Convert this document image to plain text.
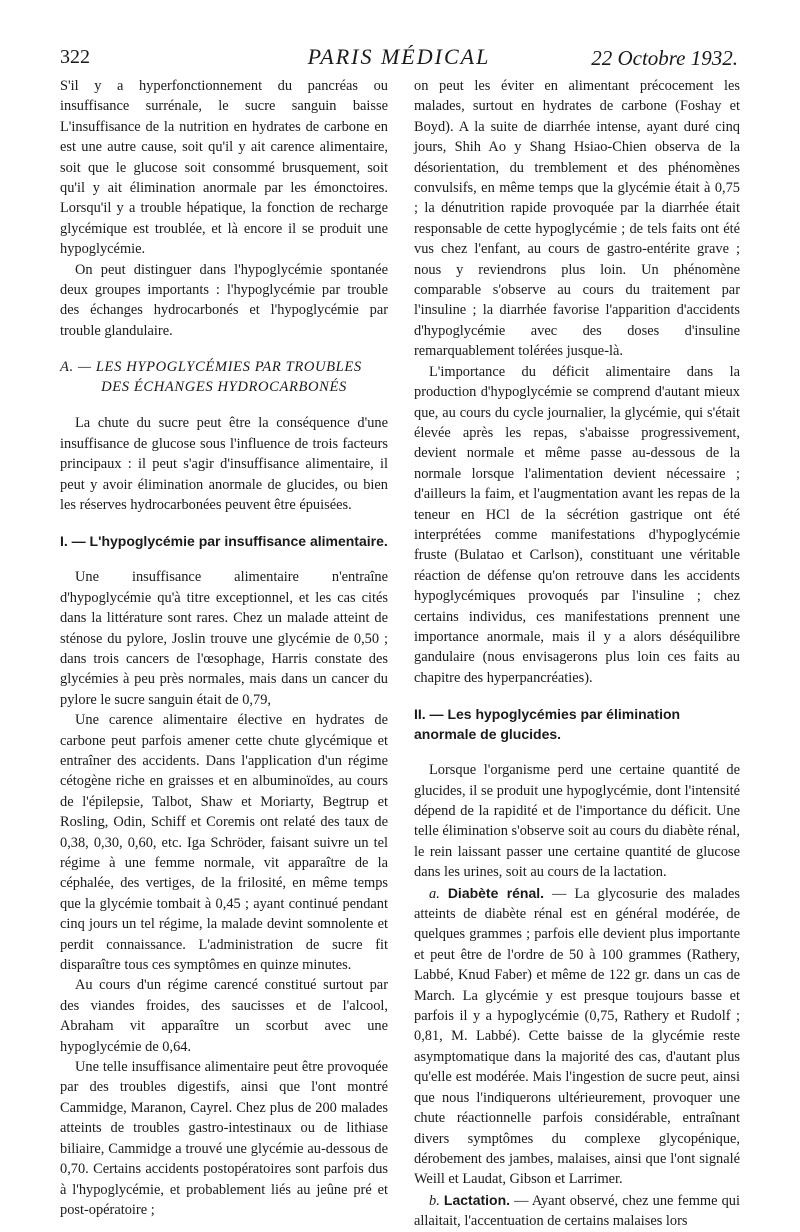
322	PARIS MÉDICAL	22 Octobre 1932.

S'il y a hyperfonctionnement du pancréas ou insuffisance surrénale, le sucre sanguin baisse L'insuffisance de la nutrition en hydrates de carbone en est une autre cause, soit qu'il y ait carence alimentaire, soit que le glucose soit consommé brusquement, soit qu'il y ait élimination anormale par les émonctoires. Lorsqu'il y a trouble hépatique, la fonction de recharge glycémique est troublée, et là encore il se produit une hypoglycémie.

On peut distinguer dans l'hypoglycémie spontanée deux groupes importants : l'hypoglycémie par trouble des échanges hydrocarbonés et l'hypoglycémie par trouble glandulaire.

A. — LES HYPOGLYCÉMIES PAR TROUBLES
DES ÉCHANGES HYDROCARBONÉS

La chute du sucre peut être la conséquence d'une insuffisance de glucose sous l'influence de trois facteurs principaux : il peut s'agir d'insuffisance alimentaire, il peut y avoir élimination anormale de glucides, ou bien les réserves hydrocarbonées peuvent être épuisées.

I. — L'hypoglycémie par insuffisance alimentaire.

Une insuffisance alimentaire n'entraîne d'hypoglycémie qu'à titre exceptionnel, et les cas cités dans la littérature sont rares. Chez un malade atteint de sténose du pylore, Joslin trouve une glycémie de 0,50 ; dans trois cancers de l'œsophage, Harris constate des glycémies à peu près normales, mais dans un cancer du pylore le sucre sanguin était de 0,79,

Une carence alimentaire élective en hydrates de carbone peut parfois amener cette chute glycémique et entraîner des accidents. Dans l'application d'un régime cétogène riche en graisses et en albuminoïdes, au cours de l'épilepsie, Talbot, Shaw et Moriarty, Begtrup et Rosling, Odin, Schiff et Coremis ont relaté des taux de 0,38, 0,30, 0,60, etc. Iga Schröder, faisant suivre un tel régime à une femme normale, vit apparaître de la céphalée, des vertiges, de la frilosité, en même temps que la glycémie tombait à 0,45 ; ayant continué pendant cinq jours un tel régime, la malade devint somnolente et perdit connaissance. L'administration de sucre fit disparaître tous ces symptômes en quinze minutes.

Au cours d'un régime carencé constitué surtout par des viandes froides, des saucisses et de l'alcool, Abraham vit apparaître un scorbut avec une hypoglycémie de 0,64.

Une telle insuffisance alimentaire peut être provoquée par des troubles digestifs, ainsi que l'ont montré Cammidge, Maranon, Cayrel. Chez plus de 200 malades atteints de troubles gastro-intestinaux ou de lithiase biliaire, Cammidge a trouvé une glycémie au-dessous de 0,70. Certains accidents postopératoires sont parfois dus à l'hypoglycémie, et probablement liés au jeûne pré et post-opératoire ;

on peut les éviter en alimentant précocement les malades, surtout en hydrates de carbone (Foshay et Boyd). A la suite de diarrhée intense, ayant duré cinq jours, Shih Ao y Shang Hsiao-Chien observa de la désorientation, du tremblement et des phénomènes convulsifs, en même temps que la glycémie était à 0,75 ; la dénutrition rapide provoquée par la diarrhée était responsable de cette hypoglycémie ; de tels faits ont été vus chez l'enfant, au cours de gastro-entérite grave ; nous y reviendrons plus loin. Un phénomène comparable s'observe au cours du traitement par l'insuline ; la diarrhée favorise l'apparition d'accidents d'hypoglycémie avec des doses d'insuline remarquablement tolérées jusque-là.

L'importance du déficit alimentaire dans la production d'hypoglycémie se comprend d'autant mieux que, au cours du cycle journalier, la glycémie, qui s'était élevée après les repas, s'abaisse progressivement, devient normale et même passe au-dessous de la normale lorsque l'alimentation devient nécessaire ; d'ailleurs la faim, et l'augmentation avant les repas de la teneur en HCl de la sécrétion gastrique ont été interprétées comme manifestations d'hypoglycémie fruste (Bulatao et Carlson), constituant une véritable réaction de défense qu'on retrouve dans les accidents hypoglycémiques provoqués par l'insuline ; chez certains individus, ces manifestations prennent une importance anormale, mais il y a alors déséquilibre gandulaire (nous envisagerons plus loin ces faits au chapitre des hyperpancréaties).

II. — Les hypoglycémies par élimination anormale de glucides.

Lorsque l'organisme perd une certaine quantité de glucides, il se produit une hypoglycémie, dont l'intensité dépend de la rapidité et de l'importance du déficit. Une telle élimination s'observe soit au cours du diabète rénal, le rein laissant passer une certaine quantité de glucose dans les urines, soit au cours de la lactation.

a. Diabète rénal. — La glycosurie des malades atteints de diabète rénal est en général modérée, de quelques grammes ; parfois elle devient plus importante et peut être de l'ordre de 50 à 100 grammes (Rathery, Labbé, Knud Faber) et même de 122 gr. dans un cas de March. La glycémie y est presque toujours basse et parfois il y a hypoglycémie (0,75, Rathery et Rudolf ; 0,81, M. Labbé). Cette baisse de la glycémie reste asymptomatique dans la majorité des cas, d'autant plus qu'elle est modérée. Mais l'ingestion de sucre peut, ainsi que nous l'indiquerons ultérieurement, provoquer une chute réactionnelle parfois considérable, entraînant divers symptômes du complexe glycopénique, dérobement des jambes, malaises, ainsi que l'ont signalé Weill et Laudat, Gibson et Larrimer.

b. Lactation. — Ayant observé, chez une femme qui allaitait, l'accentuation de certains malaises lors
